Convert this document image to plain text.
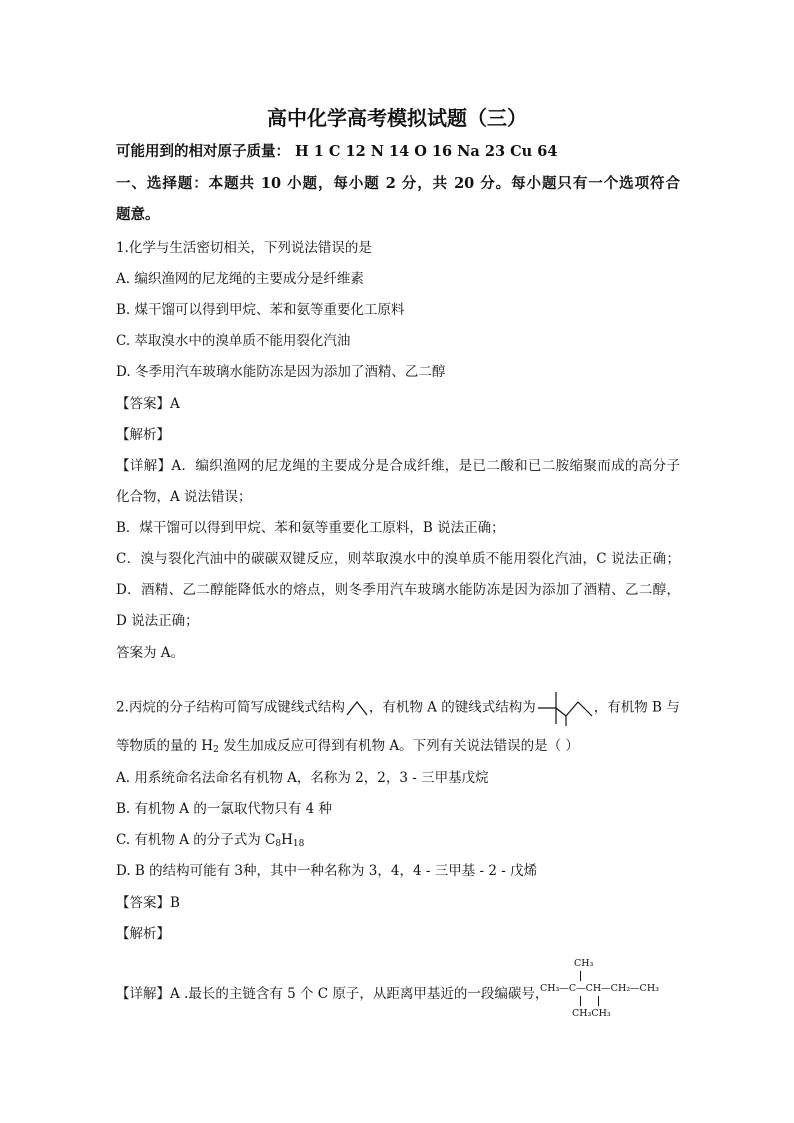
高中化学高考模拟试题（三）
可能用到的相对原子质量： H 1 C 12 N 14 O 16 Na 23 Cu 64
一、选择题：本题共 10 小题，每小题 2 分，共 20 分。每小题只有一个选项符合
题意。
1.化学与生活密切相关，下列说法错误的是
A. 编织渔网的尼龙绳的主要成分是纤维素
B. 煤干馏可以得到甲烷、苯和氨等重要化工原料
C. 萃取溴水中的溴单质不能用裂化汽油
D. 冬季用汽车玻璃水能防冻是因为添加了酒精、乙二醇
【答案】A
【解析】
【详解】A．编织渔网的尼龙绳的主要成分是合成纤维，是已二酸和已二胺缩聚而成的高分子
化合物，A 说法错误；
B．煤干馏可以得到甲烷、苯和氨等重要化工原料，B 说法正确；
C．溴与裂化汽油中的碳碳双键反应，则萃取溴水中的溴单质不能用裂化汽油，C 说法正确；
D．酒精、乙二醇能降低水的熔点，则冬季用汽车玻璃水能防冻是因为添加了酒精、乙二醇，
D 说法正确；
答案为 A。
2.丙烷的分子结构可简写成键线式结构 ，有机物 A 的键线式结构为	，有机物 B 与
等物质的量的 $H_2$ 发生加成反应可得到有机物 A。下列有关说法错误的是（ ）
A. 用系统命名法命名有机物 A，名称为 2，2，3 - 三甲基戊烷
B. 有机物 A 的一氯取代物只有 4 种
C. 有机物 A 的分子式为 $C_8H_{18}$
D. B 的结构可能有 3种，其中一种名称为 3，4，4 - 三甲基 - 2 - 戊烯
【答案】B
【解析】
【详解】A .最长的主链含有 5 个 C 原子，从距离甲基近的一段编碳号，
CH₃
CH₃—C—CH—CH₂—CH₃
CH₃CH₃
